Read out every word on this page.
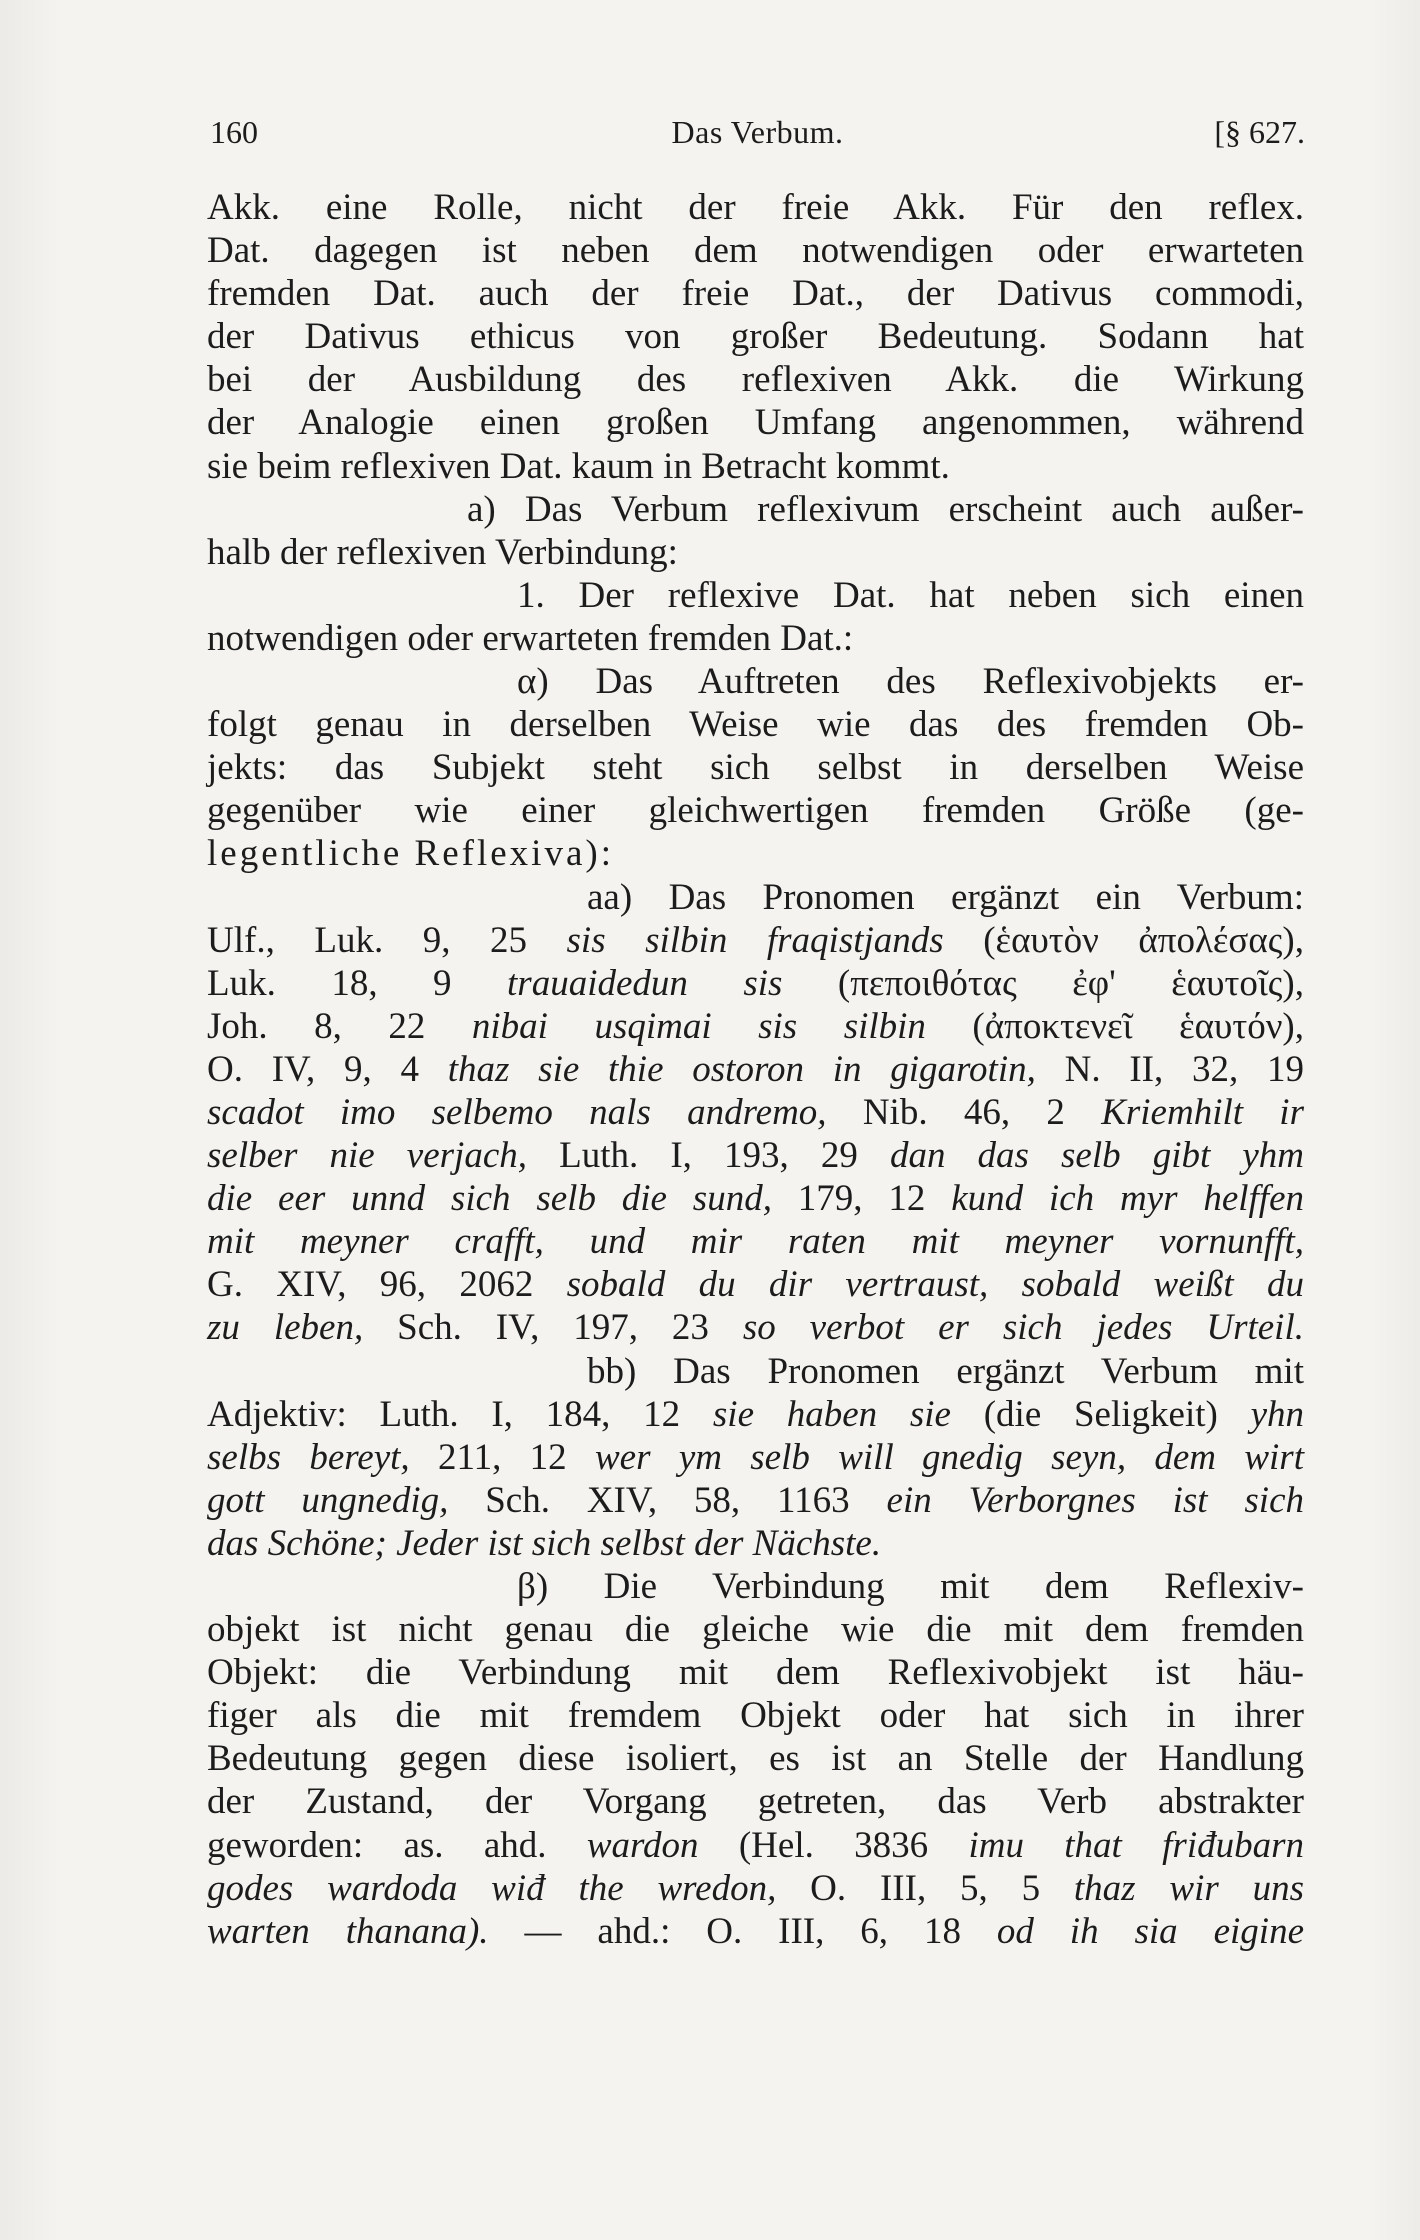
160	Das Verbum.	[§ 627.
Akk. eine Rolle, nicht der freie Akk. Für den reflex.
Dat. dagegen ist neben dem notwendigen oder erwarteten
fremden Dat. auch der freie Dat., der Dativus commodi,
der Dativus ethicus von großer Bedeutung. Sodann hat
bei der Ausbildung des reflexiven Akk. die Wirkung
der Analogie einen großen Umfang angenommen, während
sie beim reflexiven Dat. kaum in Betracht kommt.
a) Das Verbum reflexivum erscheint auch außer-
halb der reflexiven Verbindung:
1. Der reflexive Dat. hat neben sich einen
notwendigen oder erwarteten fremden Dat.:
α) Das Auftreten des Reflexivobjekts er-
folgt genau in derselben Weise wie das des fremden Ob-
jekts: das Subjekt steht sich selbst in derselben Weise
gegenüber wie einer gleichwertigen fremden Größe (ge-
legentliche Reflexiva):
aa) Das Pronomen ergänzt ein Verbum:
Ulf., Luk. 9, 25 sis silbin fraqistjands (ἑαυτὸν ἀπολέσας),
Luk. 18, 9 trauaidedun sis (πεποιθότας ἐφ' ἑαυτοῖς),
Joh. 8, 22 nibai usqimai sis silbin (ἀποκτενεῖ ἑαυτόν),
O. IV, 9, 4 thaz sie thie ostoron in gigarotin, N. II, 32, 19
scadot imo selbemo nals andremo, Nib. 46, 2 Kriemhilt ir
selber nie verjach, Luth. I, 193, 29 dan das selb gibt yhm
die eer unnd sich selb die sund, 179, 12 kund ich myr helffen
mit meyner crafft, und mir raten mit meyner vornunfft,
G. XIV, 96, 2062 sobald du dir vertraust, sobald weißt du
zu leben, Sch. IV, 197, 23 so verbot er sich jedes Urteil.
bb) Das Pronomen ergänzt Verbum mit
Adjektiv: Luth. I, 184, 12 sie haben sie (die Seligkeit) yhn
selbs bereyt, 211, 12 wer ym selb will gnedig seyn, dem wirt
gott ungnedig, Sch. XIV, 58, 1163 ein Verborgnes ist sich
das Schöne; Jeder ist sich selbst der Nächste.
β) Die Verbindung mit dem Reflexiv-
objekt ist nicht genau die gleiche wie die mit dem fremden
Objekt: die Verbindung mit dem Reflexivobjekt ist häu-
figer als die mit fremdem Objekt oder hat sich in ihrer
Bedeutung gegen diese isoliert, es ist an Stelle der Handlung
der Zustand, der Vorgang getreten, das Verb abstrakter
geworden: as. ahd. wardon (Hel. 3836 imu that friđubarn
godes wardoda wiđ the wredon, O. III, 5, 5 thaz wir uns
warten thanana). — ahd.: O. III, 6, 18 od ih sia eigine
